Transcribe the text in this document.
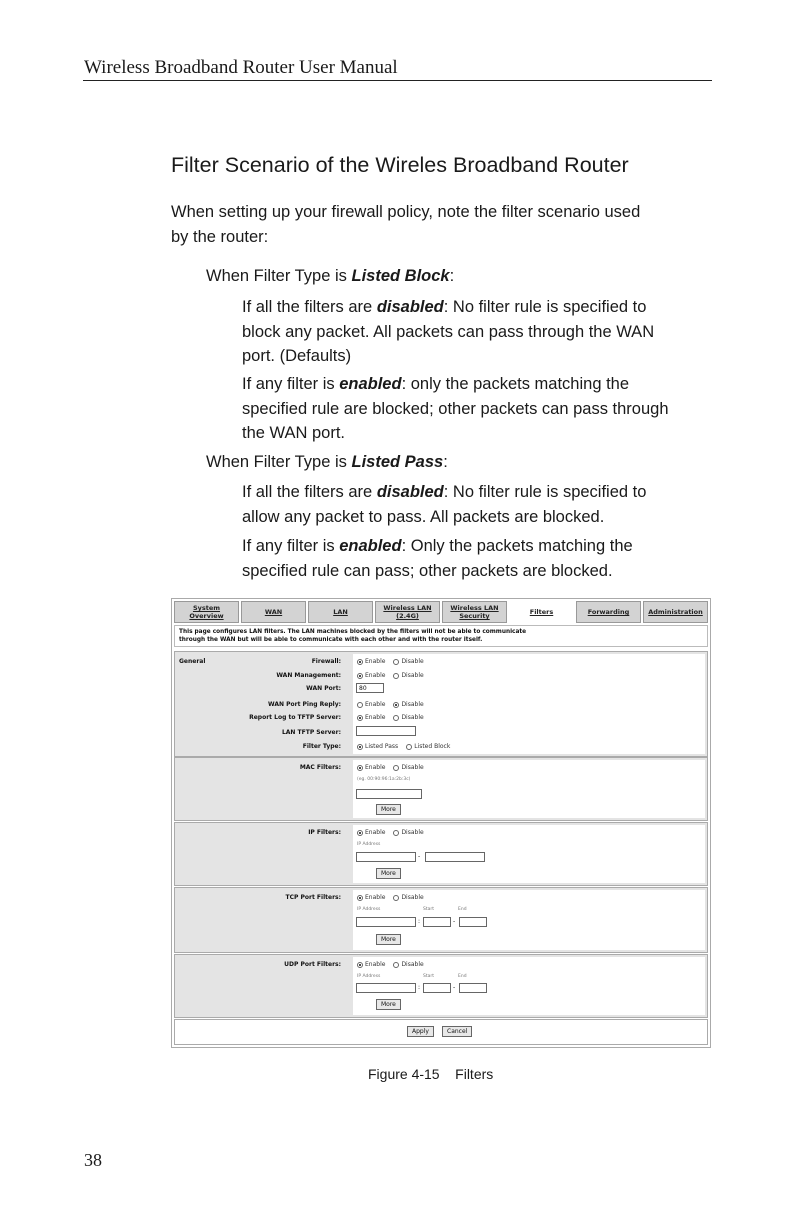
Wireless Broadband Router User Manual
Filter Scenario of the Wireles Broadband Router
When setting up your firewall policy, note the filter scenario used
by the router:
When Filter Type is Listed Block:
If all the filters are disabled: No filter rule is specified to
block any packet. All packets can pass through the WAN
port. (Defaults)
If any filter is enabled: only the packets matching the
specified rule are blocked; other packets can pass through
the WAN port.
When Filter Type is Listed Pass:
If all the filters are disabled: No filter rule is specified to
allow any packet to pass. All packets are blocked.
If any filter is enabled: Only the packets matching the
specified rule can pass; other packets are blocked.
System
Overview	WAN	LAN	Wireless LAN
(2.4G)
Wireless LAN
Security	Filters	Forwarding	Administration
This page configures LAN filters. The LAN machines blocked by the filters will not be able to communicate
through the WAN but will be able to communicate with each other and with the router itself.
General	Firewall:	Enable	Disable
WAN Management:	Enable	Disable
WAN Port:	80
WAN Port Ping Reply:	Enable	Disable
Report Log to TFTP Server:	Enable	Disable
LAN TFTP Server:
Filter Type:	Listed Pass	Listed Block
MAC Filters:	Enable	Disable
(eg. 00:90:96:1a:2b:3c)
More
IP Filters:	Enable	Disable
IP Address
-
More
TCP Port Filters:	Enable	Disable
IP Address	Start	End
:	-
More
UDP Port Filters:	Enable	Disable
IP Address	Start	End
:	-
More
Apply	Cancel
Figure 4-15    Filters
38
